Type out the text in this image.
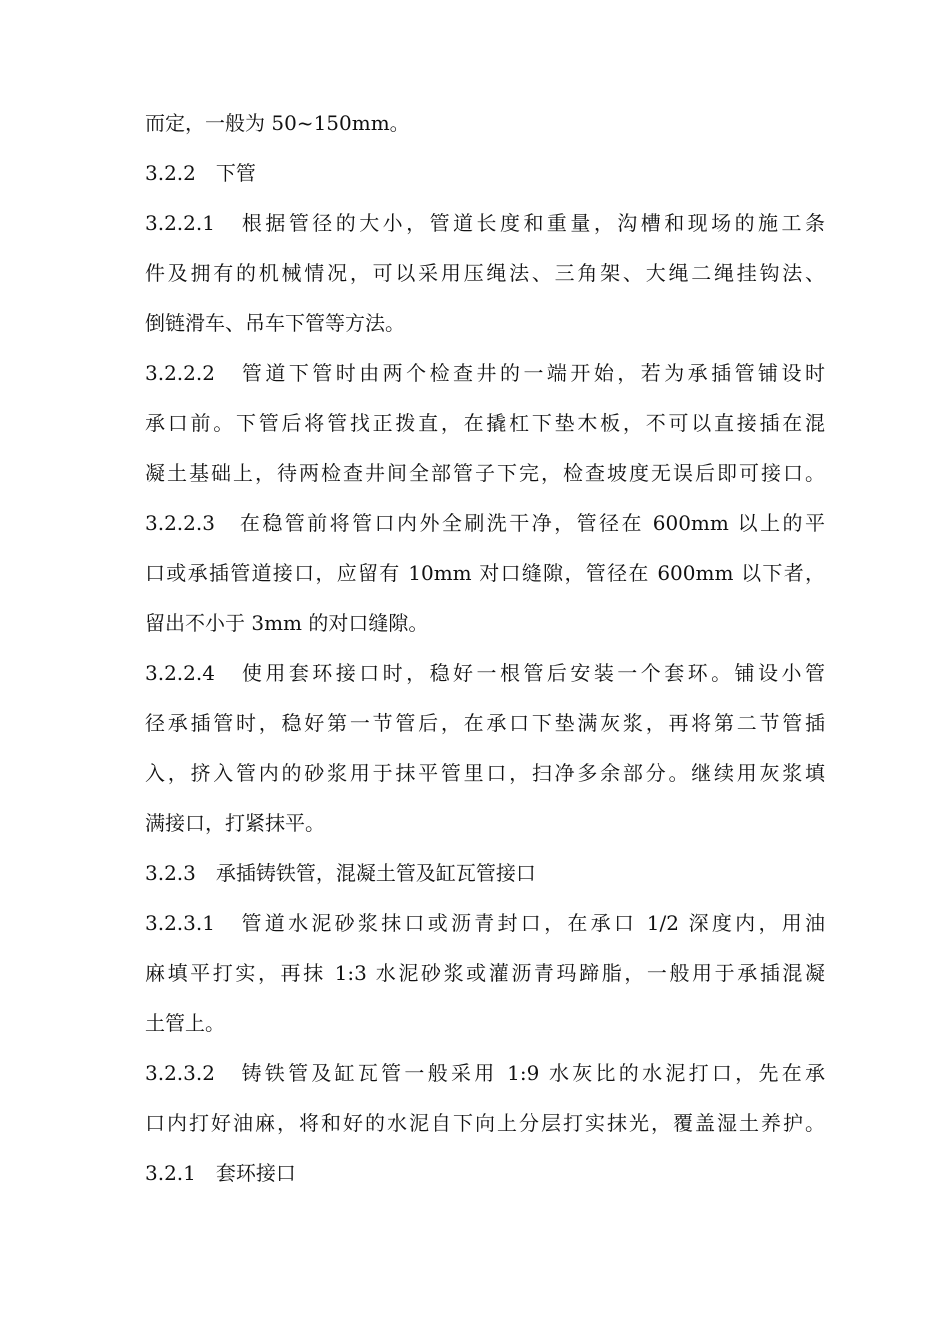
而定，一般为 50~150mm。
3.2.2　下管
3.2.2.1　根据管径的大小，管道长度和重量，沟槽和现场的施工条
件及拥有的机械情况，可以采用压绳法、三角架、大绳二绳挂钩法、
倒链滑车、吊车下管等方法。
3.2.2.2　管道下管时由两个检查井的一端开始，若为承插管铺设时
承口前。下管后将管找正拨直，在撬杠下垫木板，不可以直接插在混
凝土基础上，待两检查井间全部管子下完，检查坡度无误后即可接口。
3.2.2.3　在稳管前将管口内外全刷洗干净，管径在 600mm 以上的平
口或承插管道接口，应留有 10mm 对口缝隙，管径在 600mm 以下者，
留出不小于 3mm 的对口缝隙。
3.2.2.4　使用套环接口时，稳好一根管后安装一个套环。铺设小管
径承插管时，稳好第一节管后，在承口下垫满灰浆，再将第二节管插
入，挤入管内的砂浆用于抹平管里口，扫净多余部分。继续用灰浆填
满接口，打紧抹平。
3.2.3　承插铸铁管，混凝土管及缸瓦管接口
3.2.3.1　管道水泥砂浆抹口或沥青封口，在承口 1/2 深度内，用油
麻填平打实，再抹 1:3 水泥砂浆或灌沥青玛蹄脂，一般用于承插混凝
土管上。
3.2.3.2　铸铁管及缸瓦管一般采用 1:9 水灰比的水泥打口，先在承
口内打好油麻，将和好的水泥自下向上分层打实抹光，覆盖湿土养护。
3.2.1　套环接口
